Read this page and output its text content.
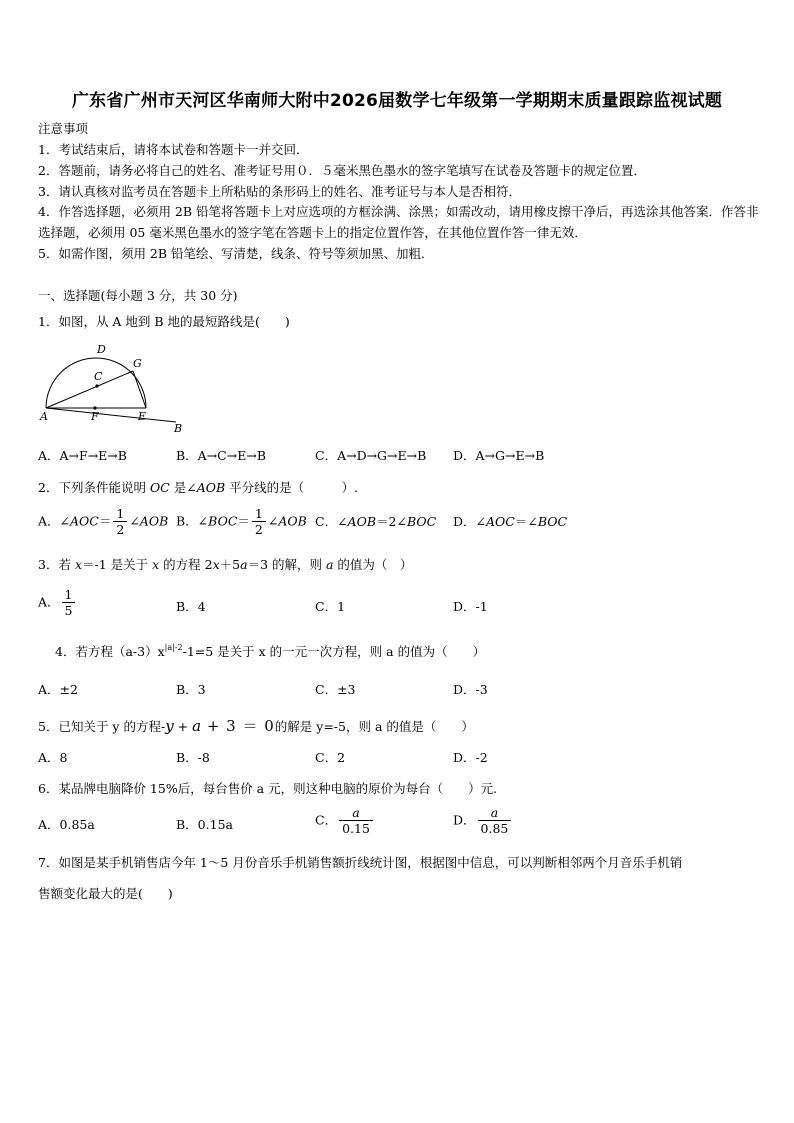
广东省广州市天河区华南师大附中2026届数学七年级第一学期期末质量跟踪监视试题
注意事项
1．考试结束后，请将本试卷和答题卡一并交回．
2．答题前，请务必将自己的姓名、准考证号用０．５毫米黑色墨水的签字笔填写在试卷及答题卡的规定位置．
3．请认真核对监考员在答题卡上所粘贴的条形码上的姓名、准考证号与本人是否相符．
4．作答选择题，必须用 2B 铅笔将答题卡上对应选项的方框涂满、涂黑；如需改动，请用橡皮擦干净后，再选涂其他答案．作答非选择题，必须用 05 毫米黑色墨水的签字笔在答题卡上的指定位置作答，在其他位置作答一律无效．
5．如需作图，须用 2B 铅笔绘、写清楚，线条、符号等须加黑、加粗．
一、选择题(每小题 3 分，共 30 分)
1．如图，从 A 地到 B 地的最短路线是(　　)
D
G
C
A	F	E
B
A．A→F→E→B	B．A→C→E→B	C．A→D→G→E→B D．A→G→E→B
2．下列条件能说明 OC 是∠AOB 平分线的是（　　　）.
A．∠AOC＝ $\frac{1}{2}$ ∠AOB B．∠BOC＝ $\frac{1}{2}$ ∠AOB C．∠AOB＝2∠BOC D．∠AOC＝∠BOC
3．若 x＝-1 是关于 x 的方程 2x＋5a＝3 的解，则 a 的值为（　）
A． $\frac{1}{5}$	B．4	C．1	D．-1
4．若方程$(a-3)x^{|a|-2}-1=5$ 是关于 x 的一元一次方程，则 a 的值为（　　）
A．±2	B．3	C．±3	D．-3
5．已知关于 y 的方程-y + a + 3 ＝ 0的解是 y=-5，则 a 的值是（　　）
A．8	B．-8	C．2	D．-2
6．某品牌电脑降价 15%后，每台售价 a 元，则这种电脑的原价为每台（　　）元.
A．0.85a	B．0.15a	C． $\frac{a}{0.15}$	D． $\frac{a}{0.85}$
7．如图是某手机销售店今年 1～5 月份音乐手机销售额折线统计图，根据图中信息，可以判断相邻两个月音乐手机销
售额变化最大的是(　　)
